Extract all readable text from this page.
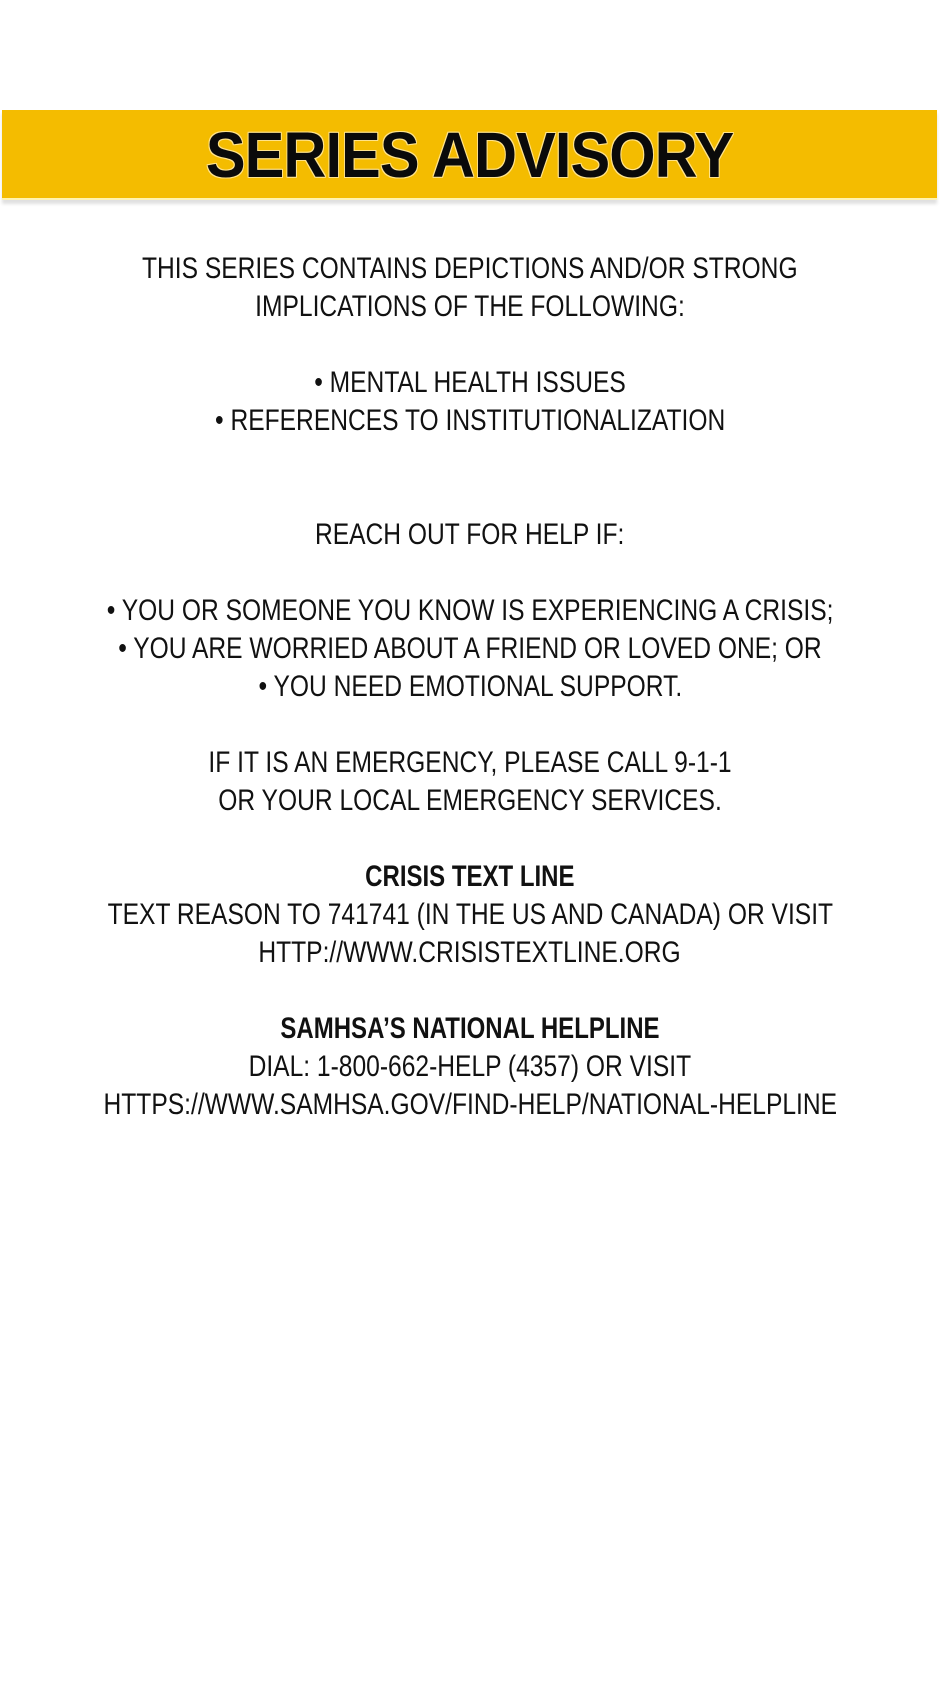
SERIES ADVISORY
THIS SERIES CONTAINS DEPICTIONS AND/OR STRONG
IMPLICATIONS OF THE FOLLOWING:
• MENTAL HEALTH ISSUES
• REFERENCES TO INSTITUTIONALIZATION
REACH OUT FOR HELP IF:
• YOU OR SOMEONE YOU KNOW IS EXPERIENCING A CRISIS;
• YOU ARE WORRIED ABOUT A FRIEND OR LOVED ONE; OR
• YOU NEED EMOTIONAL SUPPORT.
IF IT IS AN EMERGENCY, PLEASE CALL 9-1-1
OR YOUR LOCAL EMERGENCY SERVICES.
CRISIS TEXT LINE
TEXT REASON TO 741741 (IN THE US AND CANADA) OR VISIT
HTTP://WWW.CRISISTEXTLINE.ORG
SAMHSA’S NATIONAL HELPLINE
DIAL: 1-800-662-HELP (4357) OR VISIT
HTTPS://WWW.SAMHSA.GOV/FIND-HELP/NATIONAL-HELPLINE
